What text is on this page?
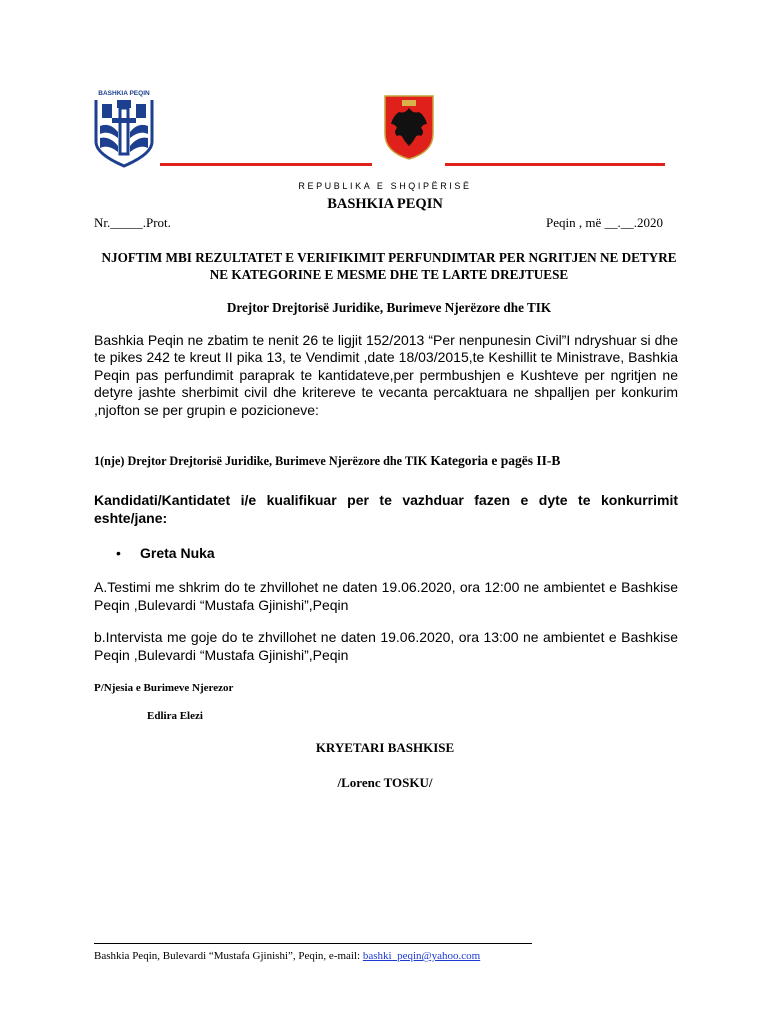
BASHKIA PEQIN
REPUBLIKA E SHQIPËRISË
BASHKIA PEQIN
Nr._____.Prot.	Peqin , më __.__.2020
NJOFTIM MBI REZULTATET E VERIFIKIMIT PERFUNDIMTAR PER NGRITJEN NE DETYRE NE KATEGORINE E MESME DHE TE LARTE DREJTUESE
Drejtor Drejtorisë Juridike, Burimeve Njerëzore dhe TIK
Bashkia Peqin ne zbatim te nenit 26 te ligjit 152/2013 “Per nenpunesin Civil”I ndryshuar si dhe te pikes 242 te kreut II pika 13, te Vendimit ,date 18/03/2015,te Keshillit te Ministrave, Bashkia Peqin pas perfundimit paraprak te kantidateve,per permbushjen e Kushteve per ngritjen ne detyre jashte sherbimit civil dhe kritereve te vecanta percaktuara ne shpalljen per konkurim ,njofton se per grupin e pozicioneve:
1(nje) Drejtor Drejtorisë Juridike, Burimeve Njerëzore dhe TIK Kategoria e pagës II-B
Kandidati/Kantidatet i/e kualifikuar per te vazhduar fazen e dyte te konkurrimit eshte/jane:
• Greta Nuka
A.Testimi me shkrim do te zhvillohet ne daten 19.06.2020, ora 12:00 ne ambientet e Bashkise Peqin ,Bulevardi “Mustafa Gjinishi”,Peqin
b.Intervista me goje do te zhvillohet ne daten 19.06.2020, ora 13:00 ne ambientet e Bashkise Peqin ,Bulevardi “Mustafa Gjinishi”,Peqin
P/Njesia e Burimeve Njerezor
Edlira Elezi
KRYETARI BASHKISE
/Lorenc TOSKU/
Bashkia Peqin, Bulevardi “Mustafa Gjinishi”, Peqin, e-mail: bashki_peqin@yahoo.com
